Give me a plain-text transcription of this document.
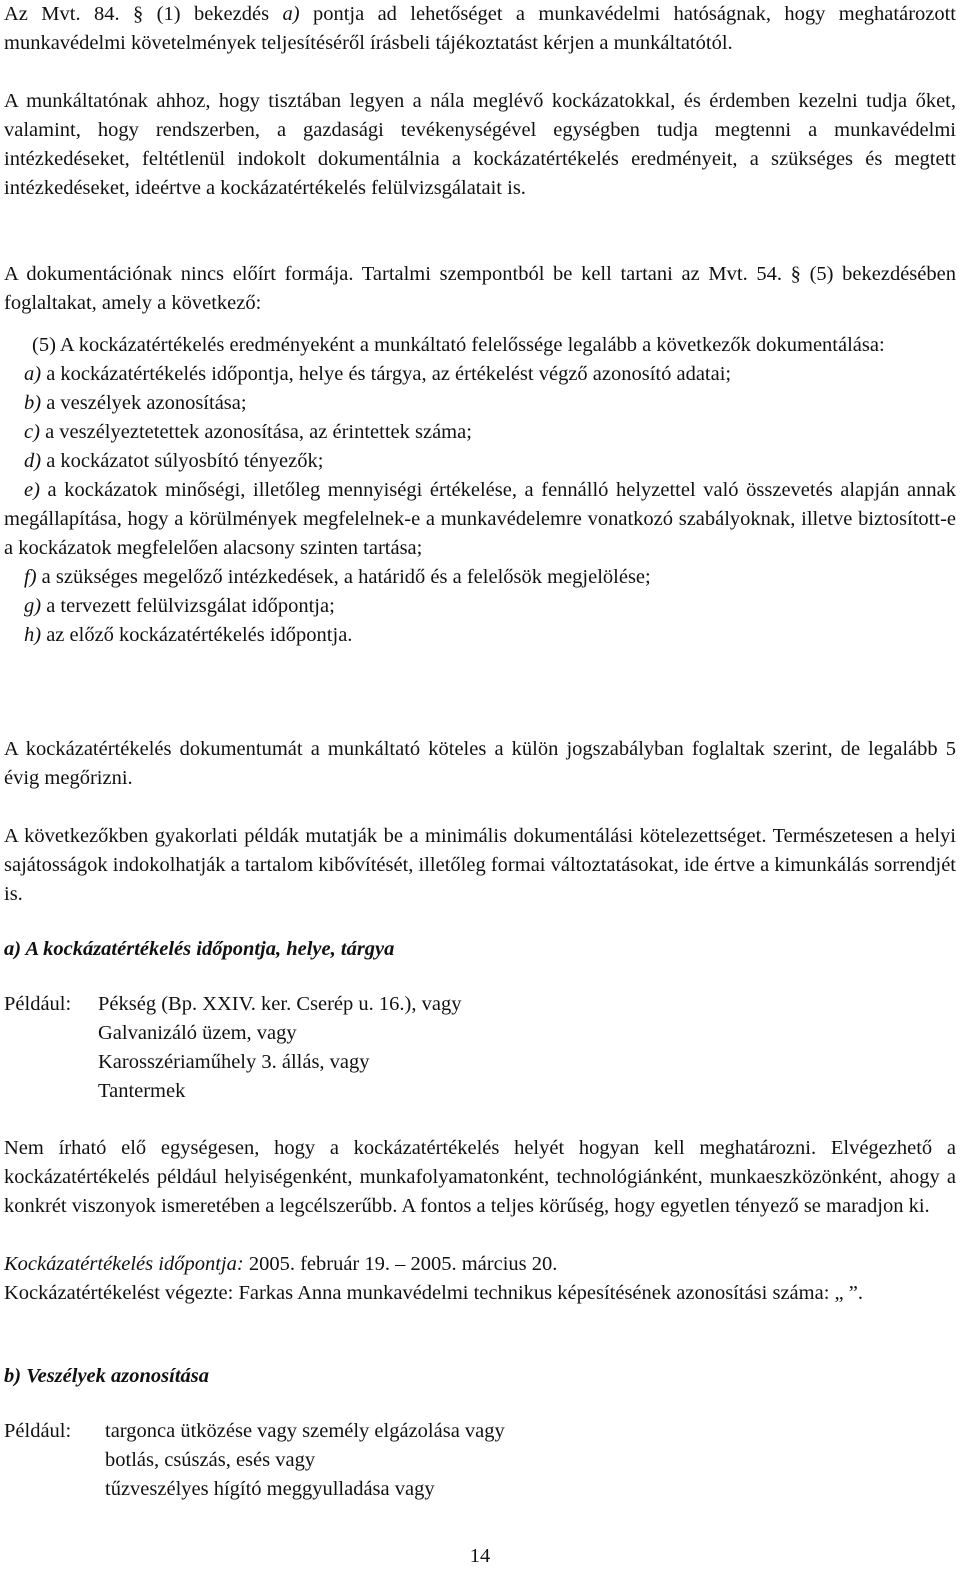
Az Mvt. 84. § (1) bekezdés a) pontja ad lehetőséget a munkavédelmi hatóságnak, hogy meghatározott munkavédelmi követelmények teljesítéséről írásbeli tájékoztatást kérjen a munkáltatótól.
A munkáltatónak ahhoz, hogy tisztában legyen a nála meglévő kockázatokkal, és érdemben kezelni tudja őket, valamint, hogy rendszerben, a gazdasági tevékenységével egységben tudja megtenni a munkavédelmi intézkedéseket, feltétlenül indokolt dokumentálnia a kockázatértékelés eredményeit, a szükséges és megtett intézkedéseket, ideértve a kockázatértékelés felülvizsgálatait is.
A dokumentációnak nincs előírt formája. Tartalmi szempontból be kell tartani az Mvt. 54. § (5) bekezdésében foglaltakat, amely a következő:
(5) A kockázatértékelés eredményeként a munkáltató felelőssége legalább a következők dokumentálása:
a) a kockázatértékelés időpontja, helye és tárgya, az értékelést végző azonosító adatai;
b) a veszélyek azonosítása;
c) a veszélyeztetettek azonosítása, az érintettek száma;
d) a kockázatot súlyosbító tényezők;
e) a kockázatok minőségi, illetőleg mennyiségi értékelése, a fennálló helyzettel való összevetés alapján annak megállapítása, hogy a körülmények megfelelnek-e a munkavédelemre vonatkozó szabályoknak, illetve biztosított-e a kockázatok megfelelően alacsony szinten tartása;
f) a szükséges megelőző intézkedések, a határidő és a felelősök megjelölése;
g) a tervezett felülvizsgálat időpontja;
h) az előző kockázatértékelés időpontja.
A kockázatértékelés dokumentumát a munkáltató köteles a külön jogszabályban foglaltak szerint, de legalább 5 évig megőrizni.
A következőkben gyakorlati példák mutatják be a minimális dokumentálási kötelezettséget. Természetesen a helyi sajátosságok indokolhatják a tartalom kibővítését, illetőleg formai változtatásokat, ide értve a kimunkálás sorrendjét is.
a) A kockázatértékelés időpontja, helye, tárgya
Például: Pékség (Bp. XXIV. ker. Cserép u. 16.), vagy
Galvanizáló üzem, vagy
Karosszériaműhely 3. állás, vagy
Tantermek
Nem írható elő egységesen, hogy a kockázatértékelés helyét hogyan kell meghatározni. Elvégezhető a kockázatértékelés például helyiségenként, munkafolyamatonként, technológiánként, munkaeszközönként, ahogy a konkrét viszonyok ismeretében a legcélszerűbb. A fontos a teljes körűség, hogy egyetlen tényező se maradjon ki.
Kockázatértékelés időpontja: 2005. február 19. – 2005. március 20.
Kockázatértékelést végezte: Farkas Anna munkavédelmi technikus képesítésének azonosítási száma: „ ”.
b) Veszélyek azonosítása
Például: targonca ütközése vagy személy elgázolása vagy
botlás, csúszás, esés vagy
tűzveszélyes hígító meggyulladása vagy
14
